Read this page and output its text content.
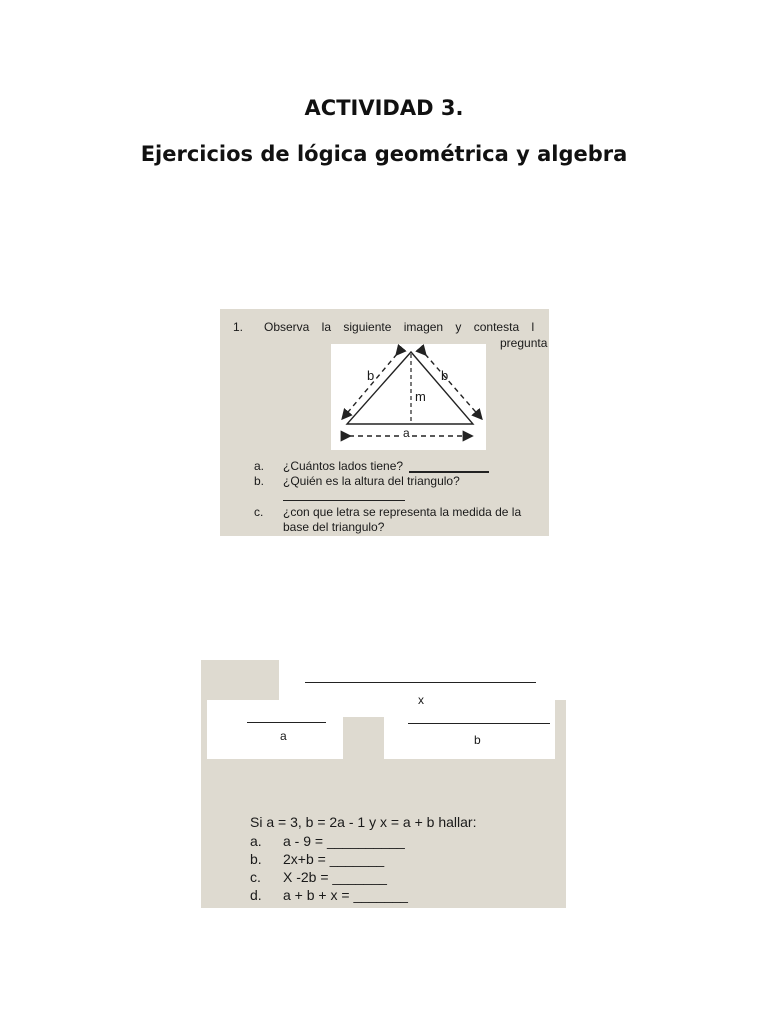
ACTIVIDAD 3.
Ejercicios de lógica geométrica y algebra
1. Observa la siguiente imagen y contesta l
pregunta
b	b
m
a
a. ¿Cuántos lados tiene?
b. ¿Quién es la altura del triangulo?
c. ¿con que letra se representa la medida de la
base del triangulo?
x
a	b
Si a = 3, b = 2a - 1 y x = a + b hallar:
a. a - 9 = __________
b. 2x+b = _______
c. X -2b = _______
d. a + b + x = _______
